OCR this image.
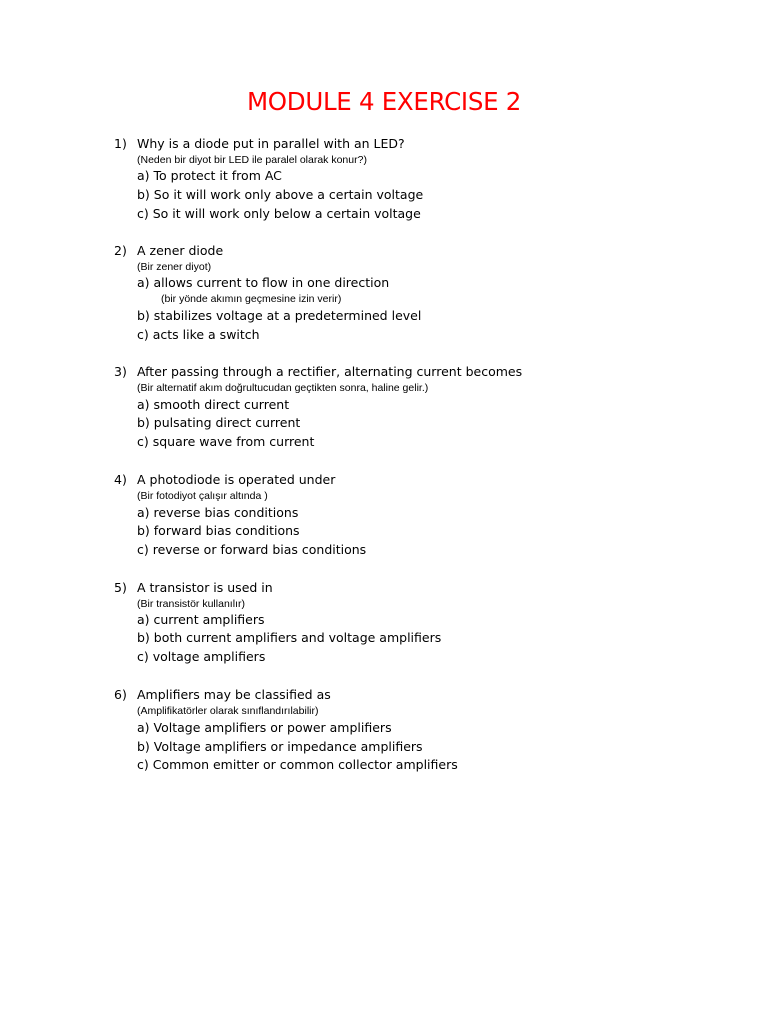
MODULE 4 EXERCISE 2
1) Why is a diode put in parallel with an LED?
(Neden bir diyot bir LED ile paralel olarak konur?)
a) To protect it from AC
b) So it will work only above a certain voltage
c) So it will work only below a certain voltage
2) A zener diode
(Bir zener diyot)
a) allows current to flow in one direction
(bir yönde akımın geçmesine izin verir)
b) stabilizes voltage at a predetermined level
c) acts like a switch
3) After passing through a rectifier, alternating current becomes
(Bir alternatif akım doğrultucudan geçtikten sonra, haline gelir.)
a) smooth direct current
b) pulsating direct current
c) square wave from current
4) A photodiode is operated under
(Bir fotodiyot çalışır altında )
a) reverse bias conditions
b) forward bias conditions
c) reverse or forward bias conditions
5) A transistor is used in
(Bir transistör kullanılır)
a) current amplifiers
b) both current amplifiers and voltage amplifiers
c) voltage amplifiers
6) Amplifiers may be classified as
(Amplifikatörler olarak sınıflandırılabilir)
a) Voltage amplifiers or power amplifiers
b) Voltage amplifiers or impedance amplifiers
c) Common emitter or common collector amplifiers
